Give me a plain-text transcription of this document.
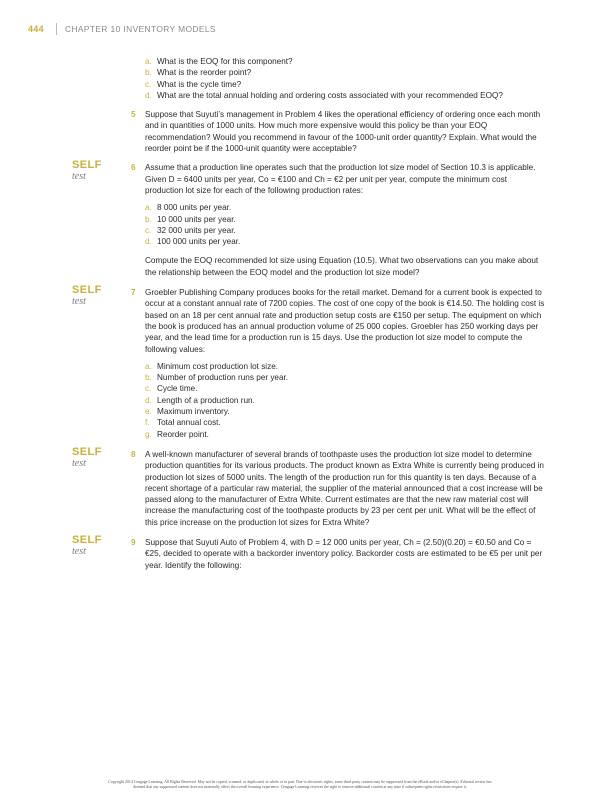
444	CHAPTER 10 INVENTORY MODELS
a. What is the EOQ for this component?
b. What is the reorder point?
c. What is the cycle time?
d. What are the total annual holding and ordering costs associated with your recommended EOQ?
5 Suppose that Suyuti’s management in Problem 4 likes the operational efficiency of ordering once each month and in quantities of 1000 units. How much more expensive would this policy be than your EOQ recommendation? Would you recommend in favour of the 1000-unit order quantity? Explain. What would the reorder point be if the 1000-unit quantity were acceptable?
SELF
test
6 Assume that a production line operates such that the production lot size model of Section 10.3 is applicable. Given D = 6400 units per year, Co = €100 and Ch = €2 per unit per year, compute the minimum cost production lot size for each of the following production rates:
a. 8 000 units per year.
b. 10 000 units per year.
c. 32 000 units per year.
d. 100 000 units per year.
Compute the EOQ recommended lot size using Equation (10.5). What two observations can you make about the relationship between the EOQ model and the production lot size model?
SELF
test
7 Groebler Publishing Company produces books for the retail market. Demand for a current book is expected to occur at a constant annual rate of 7200 copies. The cost of one copy of the book is €14.50. The holding cost is based on an 18 per cent annual rate and production setup costs are €150 per setup. The equipment on which the book is produced has an annual production volume of 25 000 copies. Groebler has 250 working days per year, and the lead time for a production run is 15 days. Use the production lot size model to compute the following values:
a. Minimum cost production lot size.
b. Number of production runs per year.
c. Cycle time.
d. Length of a production run.
e. Maximum inventory.
f. Total annual cost.
g. Reorder point.
SELF
test
8 A well-known manufacturer of several brands of toothpaste uses the production lot size model to determine production quantities for its various products. The product known as Extra White is currently being produced in production lot sizes of 5000 units. The length of the production run for this quantity is ten days. Because of a recent shortage of a particular raw material, the supplier of the material announced that a cost increase will be passed along to the manufacturer of Extra White. Current estimates are that the new raw material cost will increase the manufacturing cost of the toothpaste products by 23 per cent per unit. What will be the effect of this price increase on the production lot sizes for Extra White?
SELF
test
9 Suppose that Suyuti Auto of Problem 4, with D = 12 000 units per year, Ch = (2.50)(0.20) = €0.50 and Co = €25, decided to operate with a backorder inventory policy. Backorder costs are estimated to be €5 per unit per year. Identify the following:
Copyright 2014 Cengage Learning. All Rights Reserved. May not be copied, scanned, or duplicated, in whole or in part. Due to electronic rights, some third party content may be suppressed from the eBook and/or eChapter(s). Editorial review has
deemed that any suppressed content does not materially affect the overall learning experience. Cengage Learning reserves the right to remove additional content at any time if subsequent rights restrictions require it.
